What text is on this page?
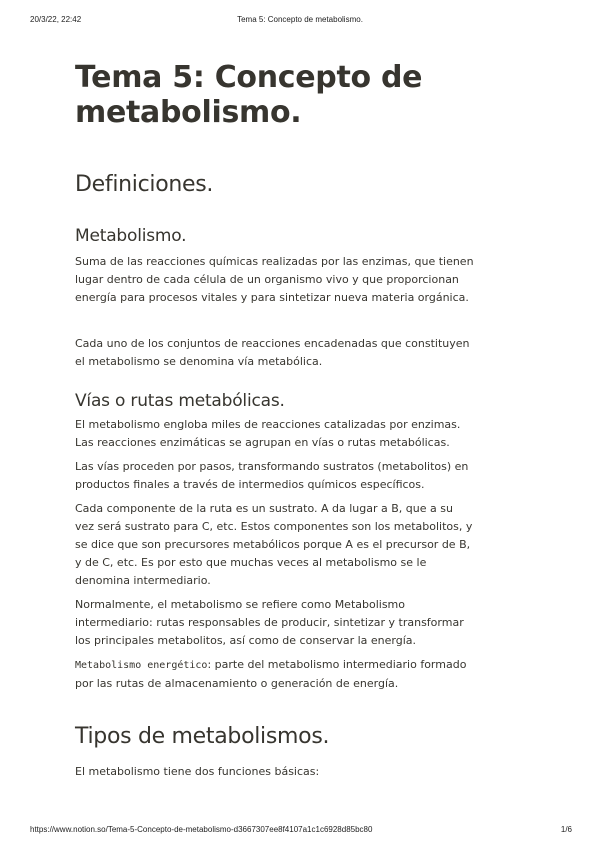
20/3/22, 22:42	Tema 5: Concepto de metabolismo.
Tema 5: Concepto de metabolismo.
Definiciones.
Metabolismo.

Suma de las reacciones químicas realizadas por las enzimas, que tienen lugar dentro de cada célula de un organismo vivo y que proporcionan energía para procesos vitales y para sintetizar nueva materia orgánica.

Cada uno de los conjuntos de reacciones encadenadas que constituyen el metabolismo se denomina vía metabólica.

Vías o rutas metabólicas.

El metabolismo engloba miles de reacciones catalizadas por enzimas. Las reacciones enzimáticas se agrupan en vías o rutas metabólicas.

Las vías proceden por pasos, transformando sustratos (metabolitos) en productos finales a través de intermedios químicos específicos.

Cada componente de la ruta es un sustrato. A da lugar a B, que a su vez será sustrato para C, etc. Estos componentes son los metabolitos, y se dice que son precursores metabólicos porque A es el precursor de B, y de C, etc. Es por esto que muchas veces al metabolismo se le denomina intermediario.

Normalmente, el metabolismo se refiere como Metabolismo intermediario: rutas responsables de producir, sintetizar y transformar los principales metabolitos, así como de conservar la energía.

Metabolismo energético: parte del metabolismo intermediario formado por las rutas de almacenamiento o generación de energía.

Tipos de metabolismos.

El metabolismo tiene dos funciones básicas:

https://www.notion.so/Tema-5-Concepto-de-metabolismo-d3667307ee8f4107a1c1c6928d85bc80	1/6
